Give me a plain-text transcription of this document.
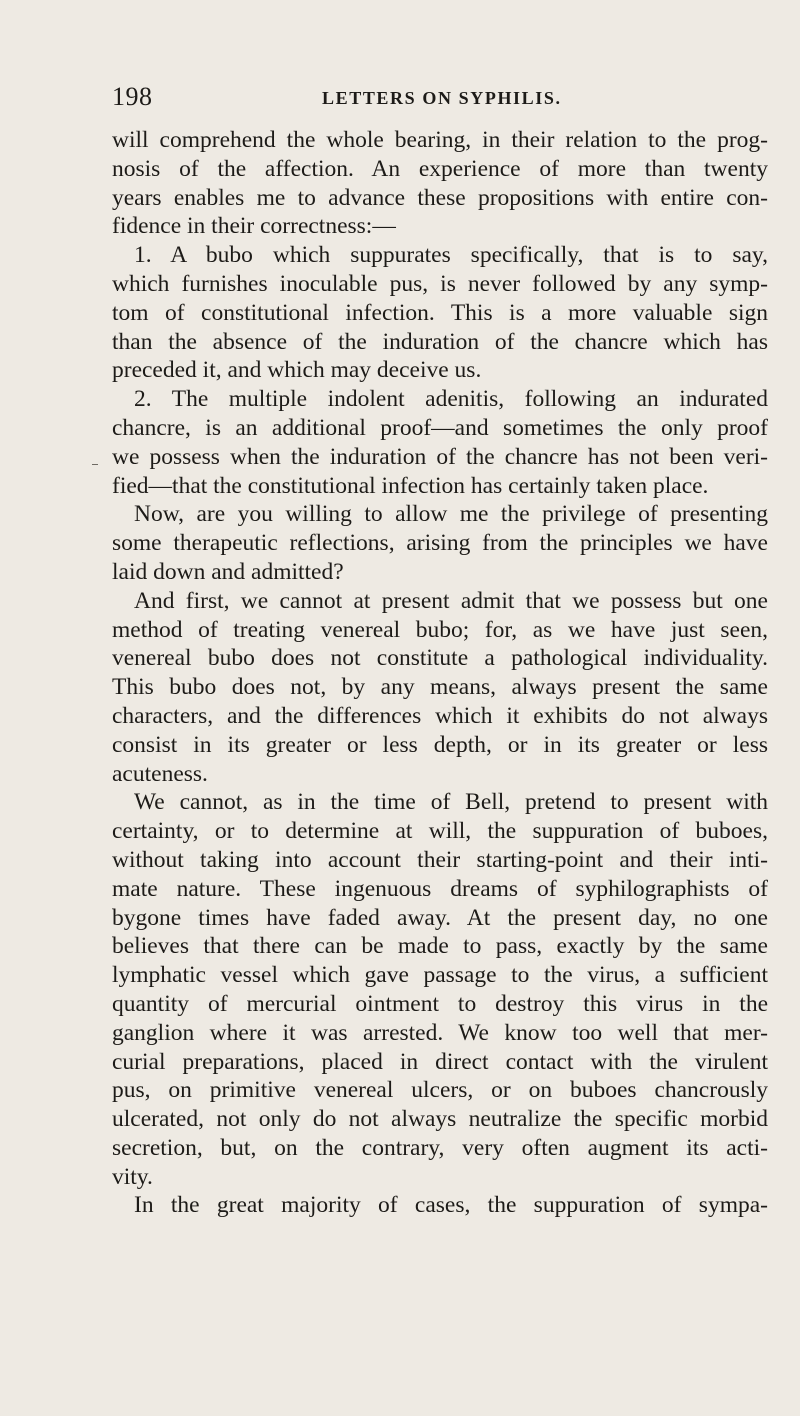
198	LETTERS ON SYPHILIS.
will comprehend the whole bearing, in their relation to the prog-
nosis of the affection. An experience of more than twenty
years enables me to advance these propositions with entire con-
fidence in their correctness:—
1. A bubo which suppurates specifically, that is to say,
which furnishes inoculable pus, is never followed by any symp-
tom of constitutional infection. This is a more valuable sign
than the absence of the induration of the chancre which has
preceded it, and which may deceive us.
2. The multiple indolent adenitis, following an indurated
chancre, is an additional proof—and sometimes the only proof
we possess when the induration of the chancre has not been veri-
fied—that the constitutional infection has certainly taken place.
Now, are you willing to allow me the privilege of presenting
some therapeutic reflections, arising from the principles we have
laid down and admitted?
And first, we cannot at present admit that we possess but one
method of treating venereal bubo; for, as we have just seen,
venereal bubo does not constitute a pathological individuality.
This bubo does not, by any means, always present the same
characters, and the differences which it exhibits do not always
consist in its greater or less depth, or in its greater or less
acuteness.
We cannot, as in the time of Bell, pretend to present with
certainty, or to determine at will, the suppuration of buboes,
without taking into account their starting-point and their inti-
mate nature. These ingenuous dreams of syphilographists of
bygone times have faded away. At the present day, no one
believes that there can be made to pass, exactly by the same
lymphatic vessel which gave passage to the virus, a sufficient
quantity of mercurial ointment to destroy this virus in the
ganglion where it was arrested. We know too well that mer-
curial preparations, placed in direct contact with the virulent
pus, on primitive venereal ulcers, or on buboes chancrously
ulcerated, not only do not always neutralize the specific morbid
secretion, but, on the contrary, very often augment its acti-
vity.
In the great majority of cases, the suppuration of sympa-
